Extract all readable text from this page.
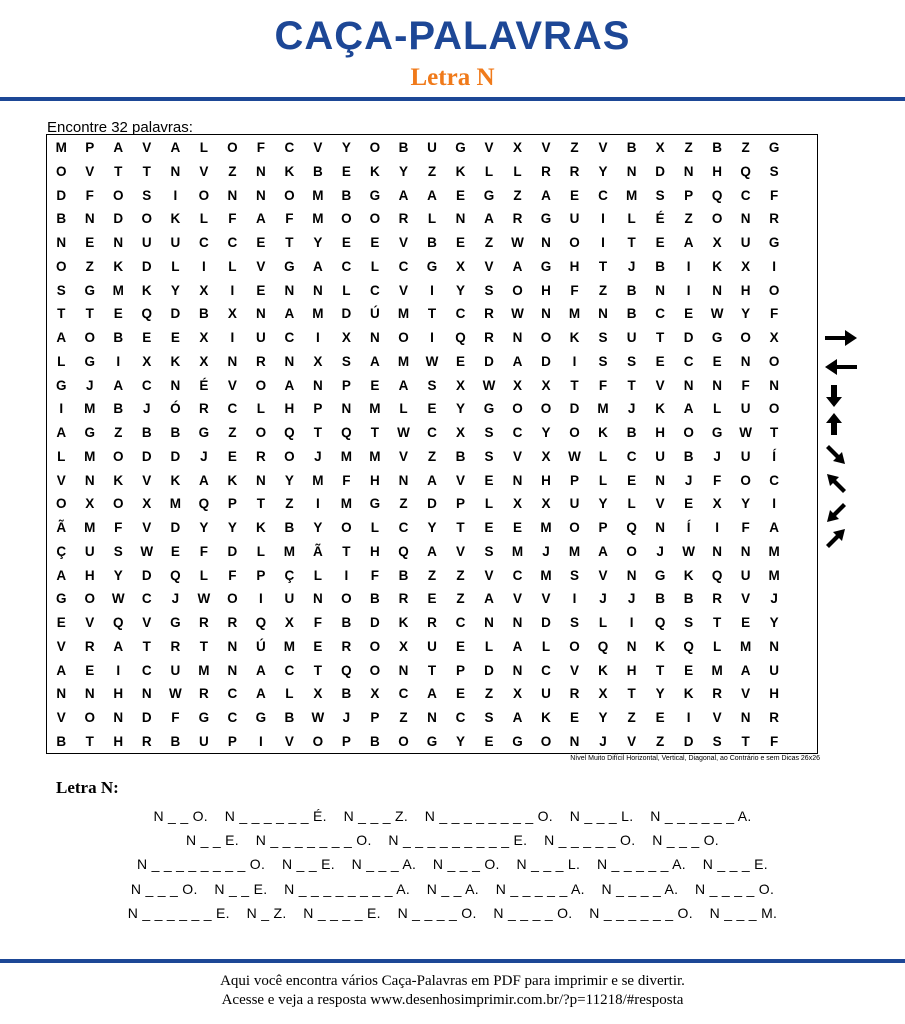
CAÇA-PALAVRAS
Letra N
Encontre 32 palavras:
M	P	A	V	A	L	O	F	C	V	Y	O	B	U	G	V	X	V	Z	V	B	X	Z	B	Z	G
O	V	T	T	N	V	Z	N	K	B	E	K	Y	Z	K	L	L	R	R	Y	N	D	N	H	Q	S
D	F	O	S	I	O	N	N	O	M	B	G	A	A	E	G	Z	A	E	C	M	S	P	Q	C	F
B	N	D	O	K	L	F	A	F	M	O	O	R	L	N	A	R	G	U	I	L	É	Z	O	N	R
N	E	N	U	U	C	C	E	T	Y	E	E	V	B	E	Z	W	N	O	I	T	E	A	X	U	G
O	Z	K	D	L	I	L	V	G	A	C	L	C	G	X	V	A	G	H	T	J	B	I	K	X	I
S	G	M	K	Y	X	I	E	N	N	L	C	V	I	Y	S	O	H	F	Z	B	N	I	N	H	O
T	T	E	Q	D	B	X	N	A	M	D	Ú	M	T	C	R	W	N	M	N	B	C	E	W	Y	F
A	O	B	E	E	X	I	U	C	I	X	N	O	I	Q	R	N	O	K	S	U	T	D	G	O	X
L	G	I	X	K	X	N	R	N	X	S	A	M	W	E	D	A	D	I	S	S	E	C	E	N	O
G	J	A	C	N	É	V	O	A	N	P	E	A	S	X	W	X	X	T	F	T	V	N	N	F	N
I	M	B	J	Ó	R	C	L	H	P	N	M	L	E	Y	G	O	O	D	M	J	K	A	L	U	O
A	G	Z	B	B	G	Z	O	Q	T	Q	T	W	C	X	S	C	Y	O	K	B	H	O	G	W	T
L	M	O	D	D	J	E	R	O	J	M	M	V	Z	B	S	V	X	W	L	C	U	B	J	U	Í
V	N	K	V	K	A	K	N	Y	M	F	H	N	A	V	E	N	H	P	L	E	N	J	F	O	C
O	X	O	X	M	Q	P	T	Z	I	M	G	Z	D	P	L	X	X	U	Y	L	V	E	X	Y	I
Ã	M	F	V	D	Y	Y	K	B	Y	O	L	C	Y	T	E	E	M	O	P	Q	N	Í	I	F	A
Ç	U	S	W	E	F	D	L	M	Ã	T	H	Q	A	V	S	M	J	M	A	O	J	W	N	N	M
A	H	Y	D	Q	L	F	P	Ç	L	I	F	B	Z	Z	V	C	M	S	V	N	G	K	Q	U	M
G	O	W	C	J	W	O	I	U	N	O	B	R	E	Z	A	V	V	I	J	J	B	B	R	V	J
E	V	Q	V	G	R	R	Q	X	F	B	D	K	R	C	N	N	D	S	L	I	Q	S	T	E	Y
V	R	A	T	R	T	N	Ú	M	E	R	O	X	U	E	L	A	L	O	Q	N	K	Q	L	M	N
A	E	I	C	U	M	N	A	C	T	Q	O	N	T	P	D	N	C	V	K	H	T	E	M	A	U
N	N	H	N	W	R	C	A	L	X	B	X	C	A	E	Z	X	U	R	X	T	Y	K	R	V	H
V	O	N	D	F	G	C	G	B	W	J	P	Z	N	C	S	A	K	E	Y	Z	E	I	V	N	R
B	T	H	R	B	U	P	I	V	O	P	B	O	G	Y	E	G	O	N	J	V	Z	D	S	T	F
Nível Muito Difícil Horizontal, Vertical, Diagonal, ao Contrário e sem Dicas 26x26
Letra N:
N _ _ O.    N _ _ _ _ _ _ É.    N _ _ _ Z.    N _ _ _ _ _ _ _ _ O.    N _ _ _ L.    N _ _ _ _ _ _ A.
N _ _ E.    N _ _ _ _ _ _ _ O.    N _ _ _ _ _ _ _ _ _ E.    N _ _ _ _ _ O.    N _ _ _ O.
N _ _ _ _ _ _ _ _ O.    N _ _ E.    N _ _ _ A.    N _ _ _ O.    N _ _ _ L.    N _ _ _ _ _ A.    N _ _ _ E.
N _ _ _ O.    N _ _ E.    N _ _ _ _ _ _ _ _ A.    N _ _ A.    N _ _ _ _ _ A.    N _ _ _ _ A.    N _ _ _ _ O.
N _ _ _ _ _ _ E.    N _ Z.    N _ _ _ _ E.    N _ _ _ _ O.    N _ _ _ _ O.    N _ _ _ _ _ _ O.    N _ _ _ M.
Aqui você encontra vários Caça-Palavras em PDF para imprimir e se divertir.
Acesse e veja a resposta www.desenhosimprimir.com.br/?p=11218/#resposta
